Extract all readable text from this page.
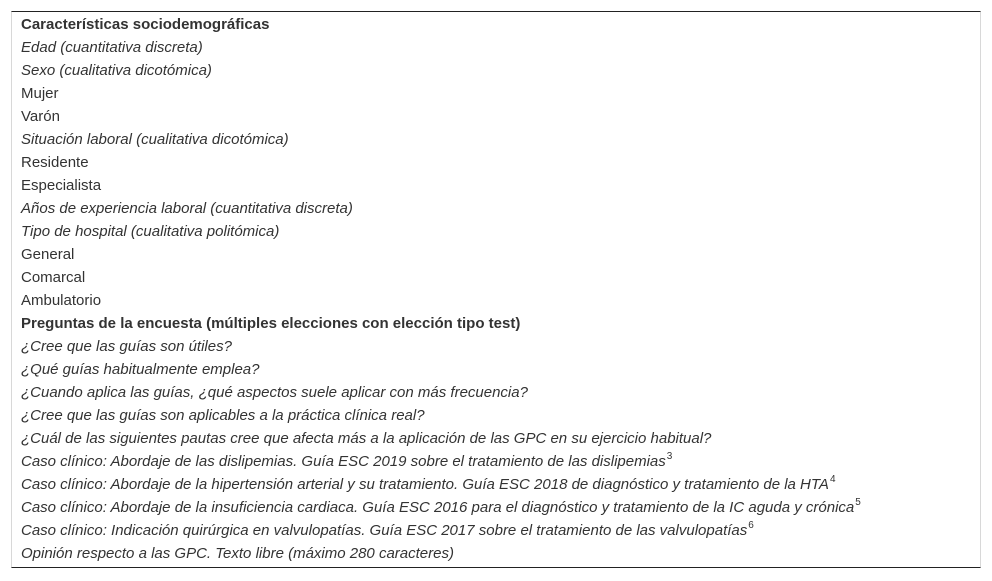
Características sociodemográficas
Edad (cuantitativa discreta)
Sexo (cualitativa dicotómica)
Mujer
Varón
Situación laboral (cualitativa dicotómica)
Residente
Especialista
Años de experiencia laboral (cuantitativa discreta)
Tipo de hospital (cualitativa politómica)
General
Comarcal
Ambulatorio
Preguntas de la encuesta (múltiples elecciones con elección tipo test)
¿Cree que las guías son útiles?
¿Qué guías habitualmente emplea?
¿Cuando aplica las guías, ¿qué aspectos suele aplicar con más frecuencia?
¿Cree que las guías son aplicables a la práctica clínica real?
¿Cuál de las siguientes pautas cree que afecta más a la aplicación de las GPC en su ejercicio habitual?
Caso clínico: Abordaje de las dislipemias. Guía ESC 2019 sobre el tratamiento de las dislipemias$^3$
Caso clínico: Abordaje de la hipertensión arterial y su tratamiento. Guía ESC 2018 de diagnóstico y tratamiento de la HTA$^4$
Caso clínico: Abordaje de la insuficiencia cardiaca. Guía ESC 2016 para el diagnóstico y tratamiento de la IC aguda y crónica$^5$
Caso clínico: Indicación quirúrgica en valvulopatías. Guía ESC 2017 sobre el tratamiento de las valvulopatías$^6$
Opinión respecto a las GPC. Texto libre (máximo 280 caracteres)
